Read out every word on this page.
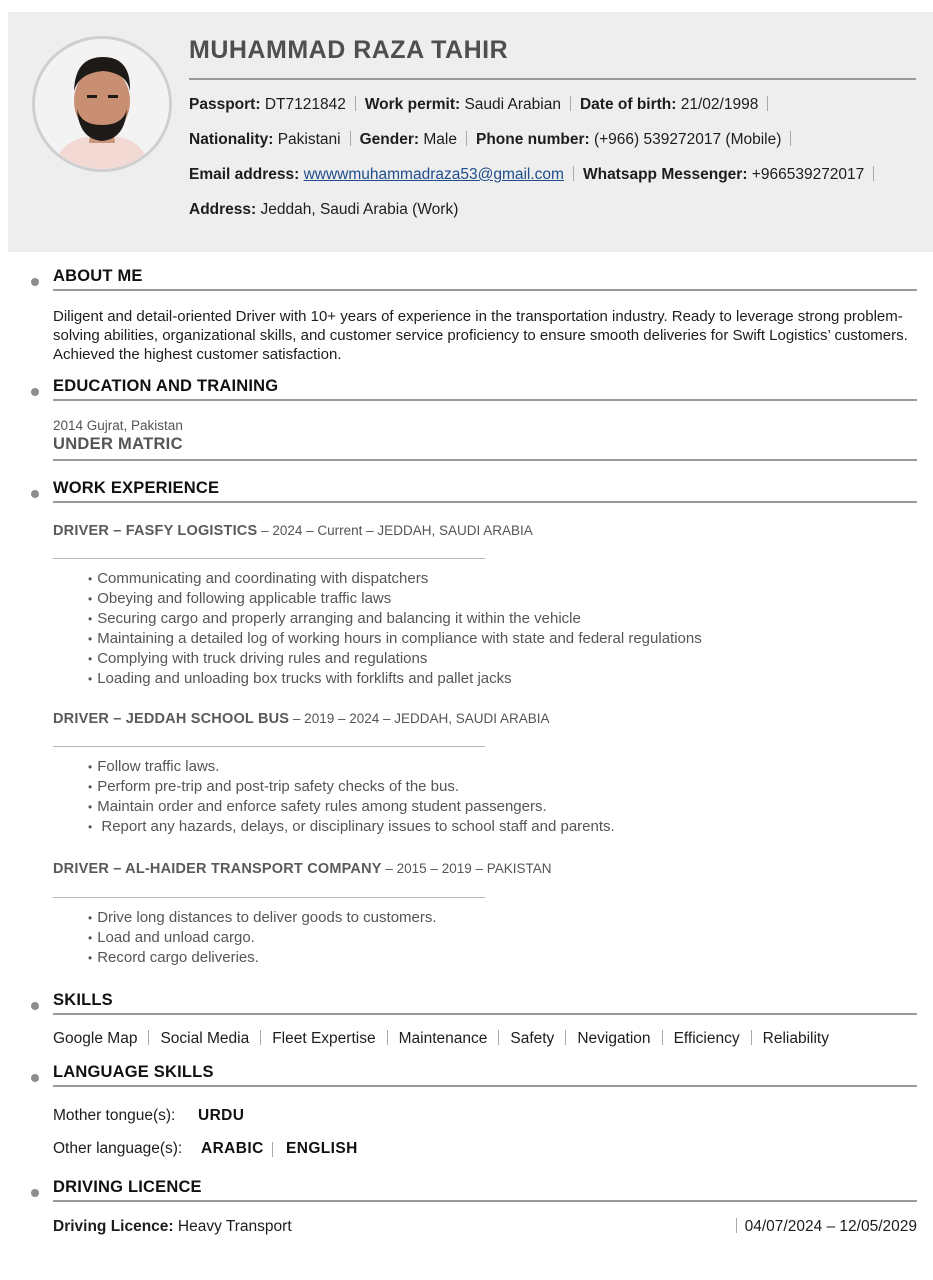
MUHAMMAD RAZA TAHIR
Passport: DT7121842 Work permit: Saudi Arabian Date of birth: 21/02/1998
Nationality: Pakistani Gender: Male Phone number: (+966) 539272017 (Mobile)
Email address: wwwwmuhammadraza53@gmail.com Whatsapp Messenger: +966539272017
Address: Jeddah, Saudi Arabia (Work)
ABOUT ME
Diligent and detail-oriented Driver with 10+ years of experience in the transportation industry. Ready to leverage strong problem-solving abilities, organizational skills, and customer service proficiency to ensure smooth deliveries for Swift Logistics’ customers. Achieved the highest customer satisfaction.
EDUCATION AND TRAINING
2014 Gujrat, Pakistan
UNDER MATRIC
WORK EXPERIENCE
DRIVER – FASFY LOGISTICS – 2024 – Current – JEDDAH, SAUDI ARABIA
• Communicating and coordinating with dispatchers
• Obeying and following applicable traffic laws
• Securing cargo and properly arranging and balancing it within the vehicle
• Maintaining a detailed log of working hours in compliance with state and federal regulations
• Complying with truck driving rules and regulations
• Loading and unloading box trucks with forklifts and pallet jacks
DRIVER – JEDDAH SCHOOL BUS – 2019 – 2024 – JEDDAH, SAUDI ARABIA
• Follow traffic laws.
• Perform pre-trip and post-trip safety checks of the bus.
• Maintain order and enforce safety rules among student passengers.
• Report any hazards, delays, or disciplinary issues to school staff and parents.
DRIVER – AL-HAIDER TRANSPORT COMPANY – 2015 – 2019 – PAKISTAN
• Drive long distances to deliver goods to customers.
• Load and unload cargo.
• Record cargo deliveries.
SKILLS
Google Map Social Media Fleet Expertise Maintenance Safety Nevigation Efficiency Reliability
LANGUAGE SKILLS
Mother tongue(s): URDU
Other language(s): ARABIC ENGLISH
DRIVING LICENCE
Driving Licence: Heavy Transport	04/07/2024 – 12/05/2029
